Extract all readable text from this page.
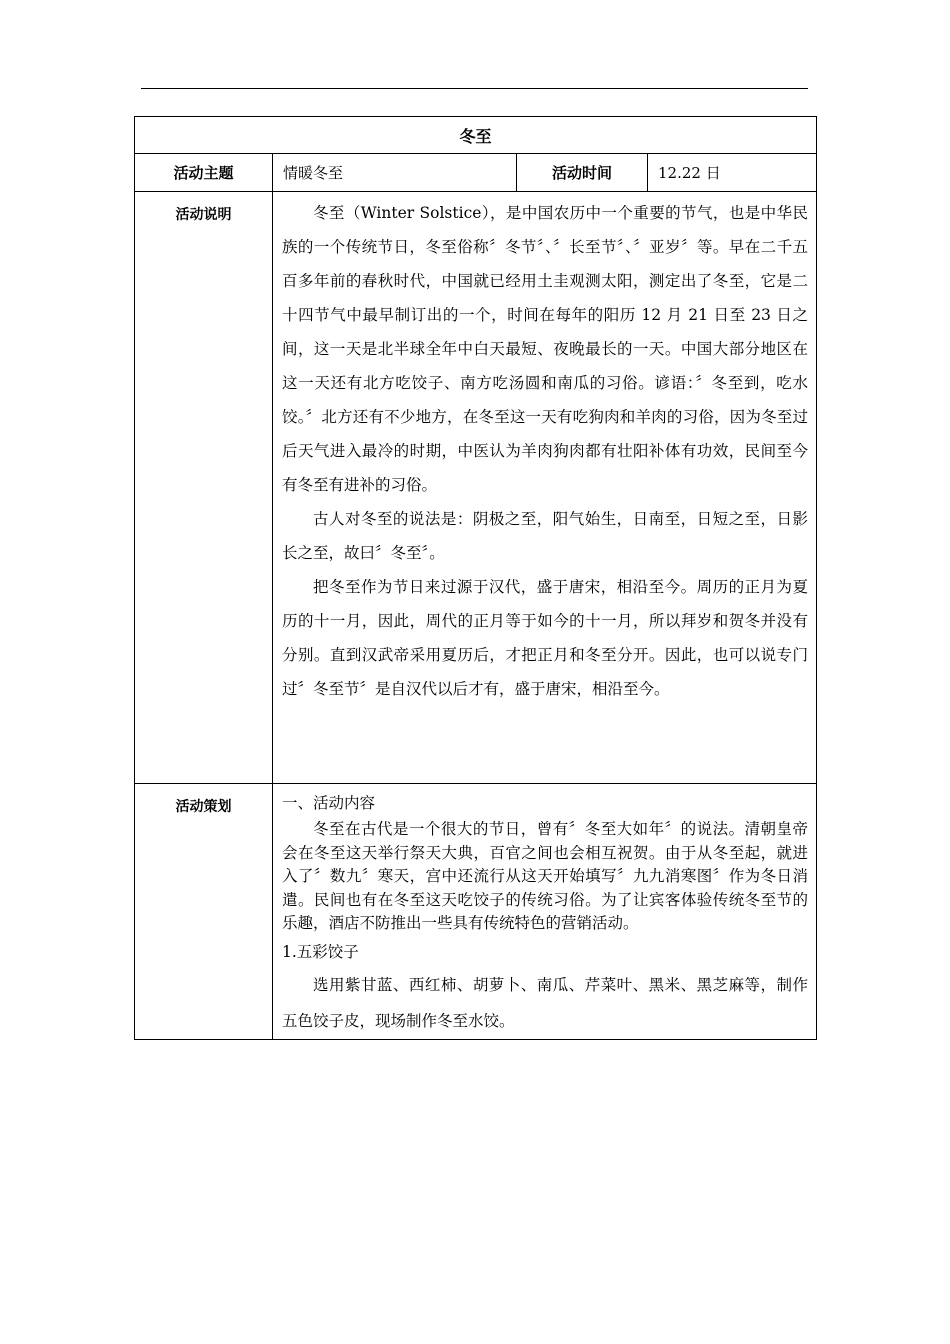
冬至			
活动主题	情暖冬至	活动时间	12.22 日
活动说明	冬至（Winter Solstice），是中国农历中一个重要的节气，也是中华民族的一个传统节日，冬至俗称〞冬节〞、〞长至节〞、〞亚岁〞等。早在二千五百多年前的春秋时代，中国就已经用土圭观测太阳，测定出了冬至，它是二十四节气中最早制订出的一个，时间在每年的阳历 12 月 21 日至 23 日之间，这一天是北半球全年中白天最短、夜晚最长的一天。中国大部分地区在这一天还有北方吃饺子、南方吃汤圆和南瓜的习俗。谚语：〞冬至到，吃水饺。〞北方还有不少地方，在冬至这一天有吃狗肉和羊肉的习俗，因为冬至过后天气进入最冷的时期，中医认为羊肉狗肉都有壮阳补体有功效，民间至今有冬至有进补的习俗。

古人对冬至的说法是：阴极之至，阳气始生，日南至，日短之至，日影长之至，故曰〞冬至〞。

把冬至作为节日来过源于汉代，盛于唐宋，相沿至今。周历的正月为夏历的十一月，因此，周代的正月等于如今的十一月，所以拜岁和贺冬并没有分别。直到汉武帝采用夏历后，才把正月和冬至分开。因此，也可以说专门过〞冬至节〞是自汉代以后才有，盛于唐宋，相沿至今。		

活动策划	一、活动内容

冬至在古代是一个很大的节日，曾有〞冬至大如年〞的说法。清朝皇帝会在冬至这天举行祭天大典，百官之间也会相互祝贺。由于从冬至起，就进入了〞数九〞寒天，宫中还流行从这天开始填写〞九九消寒图〞作为冬日消遣。民间也有在冬至这天吃饺子的传统习俗。为了让宾客体验传统冬至节的乐趣，酒店不防推出一些具有传统特色的营销活动。

1.五彩饺子

选用紫甘蓝、西红柿、胡萝卜、南瓜、芹菜叶、黑米、黑芝麻等，制作五色饺子皮，现场制作冬至水饺。		
